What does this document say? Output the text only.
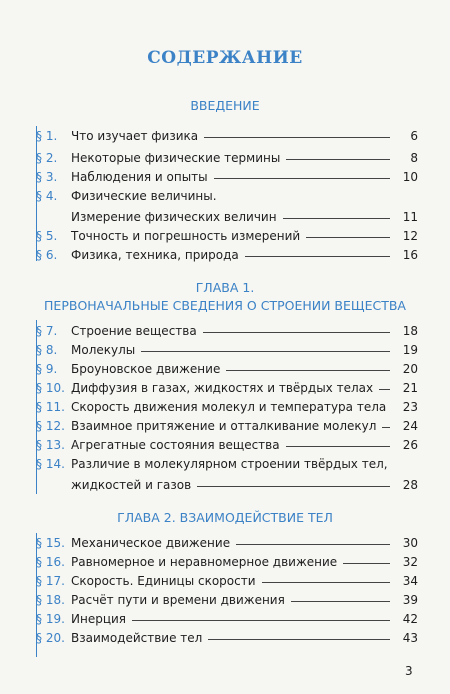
СОДЕРЖАНИЕ
ВВЕДЕНИЕ
§ 1.	Что изучает физика	6
§ 2.	Некоторые физические термины	8
§ 3.	Наблюдения и опыты	10
§ 4.	Физические величины.
Измерение физических величин	11
§ 5.	Точность и погрешность измерений	12
§ 6.	Физика, техника, природа	16
ГЛАВА 1.
ПЕРВОНАЧАЛЬНЫЕ СВЕДЕНИЯ О СТРОЕНИИ ВЕЩЕСТВА
§ 7.	Строение вещества	18
§ 8.	Молекулы	19
§ 9.	Броуновское движение	20
§ 10. Диффузия в газах, жидкостях и твёрдых телах	21
§ 11. Скорость движения молекул и температура тела	23
§ 12. Взаимное притяжение и отталкивание молекул	24
§ 13. Агрегатные состояния вещества	26
§ 14. Различие в молекулярном строении твёрдых тел,
жидкостей и газов	28
ГЛАВА 2. ВЗАИМОДЕЙСТВИЕ ТЕЛ
§ 15. Механическое движение	30
§ 16. Равномерное и неравномерное движение	32
§ 17. Скорость. Единицы скорости	34
§ 18. Расчёт пути и времени движения	39
§ 19. Инерция	42
§ 20. Взаимодействие тел	43
3
